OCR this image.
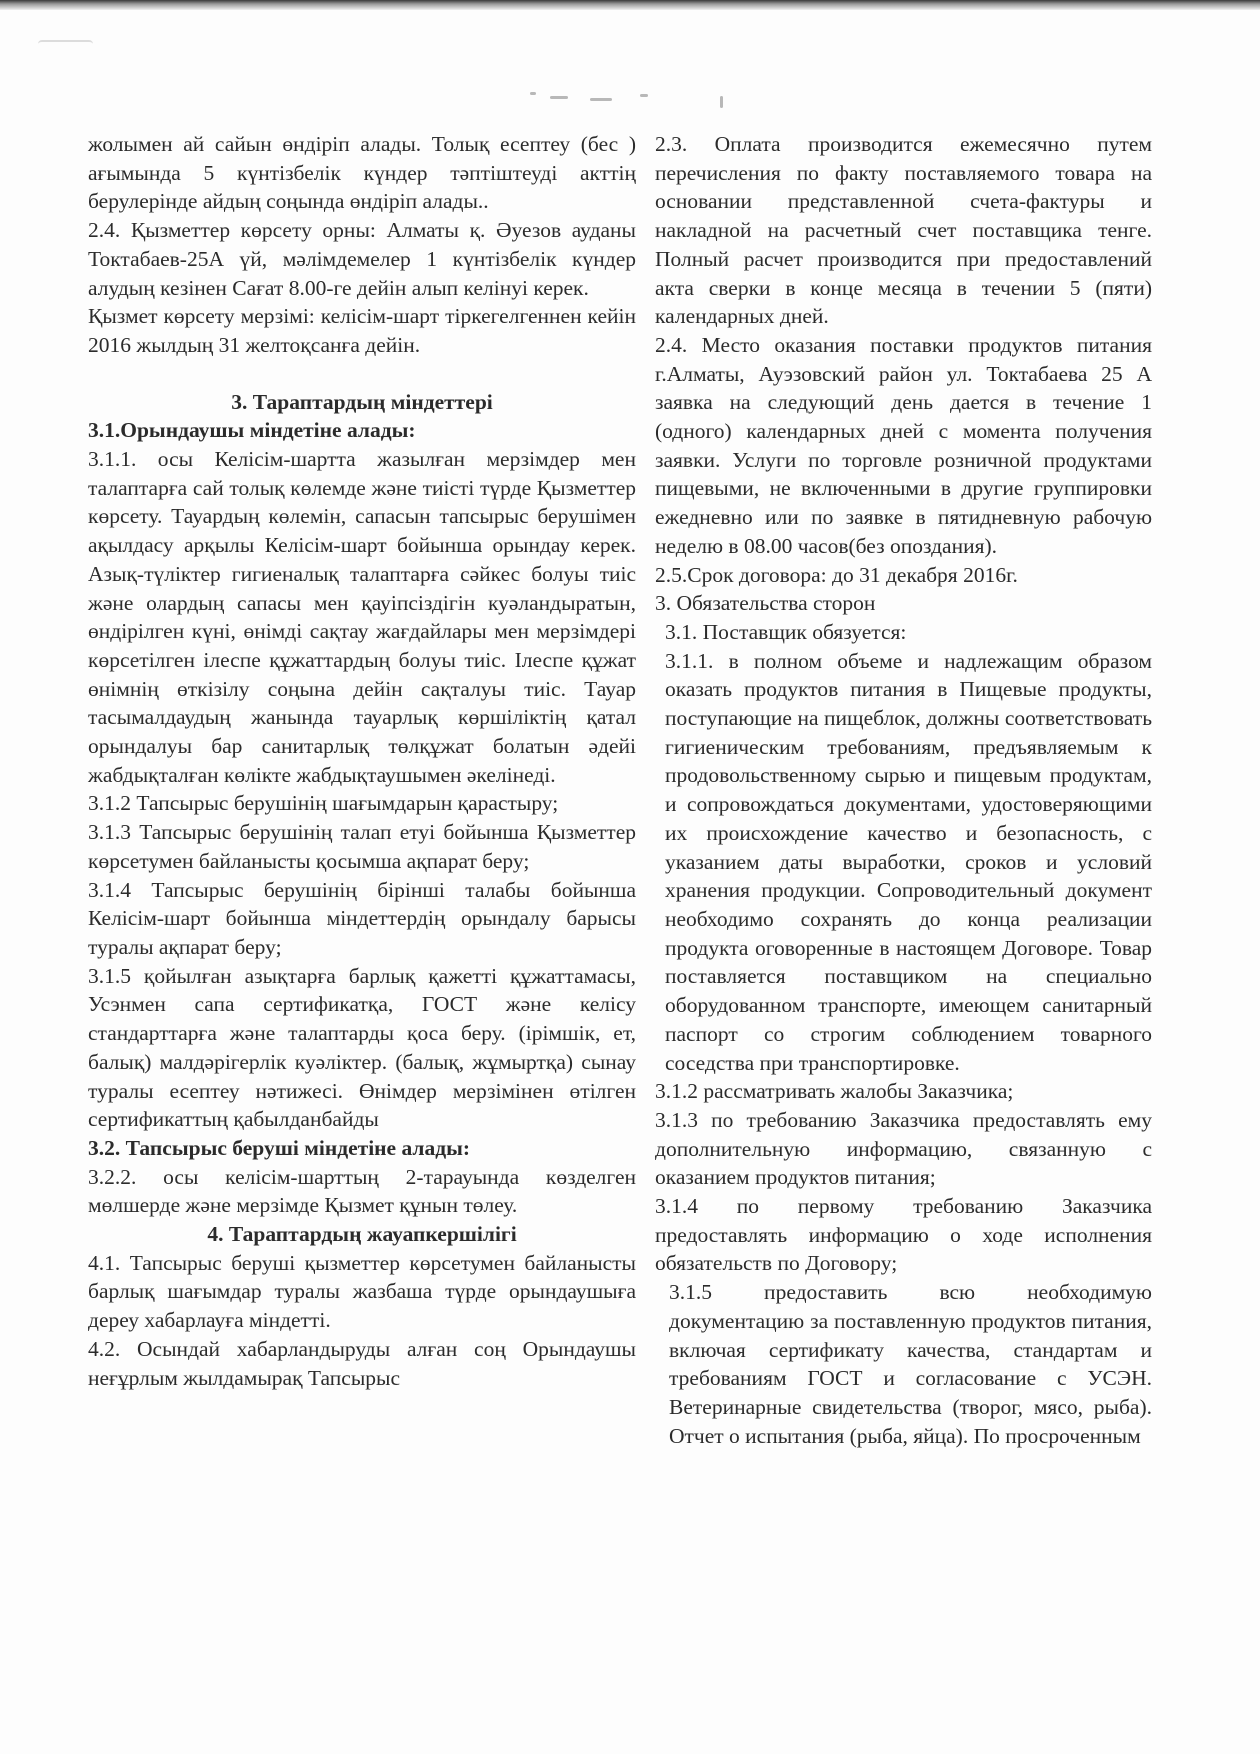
жолымен ай сайын өндіріп алады. Толық есептеу (бес ) ағымында 5 күнтізбелік күндер тәптіштеуді акттің берулерінде айдың соңында өндіріп алады..

2.4. Қызметтер көрсету орны: Алматы қ. Әуезов ауданы Токтабаев-25А үй, мәлімдемелер 1 күнтізбелік күндер алудың кезінен Сағат 8.00-ге дейін алып келінуі керек.

Қызмет көрсету мерзімі: келісім-шарт тіркегелгеннен кейін 2016 жылдың 31 желтоқсанға дейін.

3. Тараптардың міндеттері

3.1.Орындаушы міндетіне алады:

3.1.1. осы Келісім-шартта жазылған мерзімдер мен талаптарға сай толық көлемде және тиісті түрде Қызметтер көрсету. Тауардың көлемін, сапасын тапсырыс берушімен ақылдасу арқылы Келісім-шарт бойынша орындау керек. Азық-түліктер гигиеналық талаптарға сәйкес болуы тиіс және олардың сапасы мен қауіпсіздігін куәландыратын, өндірілген күні, өнімді сақтау жағдайлары мен мерзімдері көрсетілген ілеспе құжаттардың болуы тиіс. Ілеспе құжат өнімнің өткізілу соңына дейін сақталуы тиіс. Тауар тасымалдаудың жанында тауарлық көршіліктің қатал орындалуы бар санитарлық төлқұжат болатын әдейі жабдықталған көлікте жабдықтаушымен әкелінеді.

3.1.2 Тапсырыс берушінің шағымдарын қарастыру;

3.1.3 Тапсырыс берушінің талап етуі бойынша Қызметтер көрсетумен байланысты қосымша ақпарат беру;

3.1.4 Тапсырыс берушінің бірінші талабы бойынша Келісім-шарт бойынша міндеттердің орындалу барысы туралы ақпарат беру;

3.1.5 қойылған азықтарға барлық қажетті құжаттамасы, Усэнмен сапа сертификатқа, ГОСТ және келісу стандарттарға және талаптарды қоса беру. (ірімшік, ет, балық) малдәрігерлік куәліктер. (балық, жұмыртқа) сынау туралы есептеу нәтижесі. Өнімдер мерзімінен өтілген сертификаттың қабылданбайды

3.2. Тапсырыс беруші міндетіне алады:

3.2.2. осы келісім-шарттың 2-тарауында көзделген мөлшерде және мерзімде Қызмет құнын төлеу.

4. Тараптардың жауапкершілігі

4.1. Тапсырыс беруші қызметтер көрсетумен байланысты барлық шағымдар туралы жазбаша түрде орындаушыға дереу хабарлауға міндетті.

4.2. Осындай хабарландыруды алған соң Орындаушы неғұрлым жылдамырақ Тапсырыс

2.3. Оплата производится ежемесячно путем перечисления по факту поставляемого товара на основании представленной счета-фактуры и накладной на расчетный счет поставщика тенге. Полный расчет производится при предоставлений акта сверки в конце месяца в течении 5 (пяти) календарных дней.

2.4. Место оказания поставки продуктов питания г.Алматы, Ауэзовский район ул. Токтабаева 25 А заявка на следующий день дается в течение 1 (одного) календарных дней с момента получения заявки. Услуги по торговле розничной продуктами пищевыми, не включенными в другие группировки ежедневно или по заявке в пятидневную рабочую неделю в 08.00 часов(без опоздания).

2.5.Срок договора: до 31 декабря 2016г.

3. Обязательства сторон

3.1. Поставщик обязуется:

3.1.1. в полном объеме и надлежащим образом оказать продуктов питания в Пищевые продукты, поступающие на пищеблок, должны соответствовать гигиеническим требованиям, предъявляемым к продовольственному сырью и пищевым продуктам, и сопровождаться документами, удостоверяющими их происхождение качество и безопасность, с указанием даты выработки, сроков и условий хранения продукции. Сопроводительный документ необходимо сохранять до конца реализации продукта оговоренные в настоящем Договоре. Товар поставляется поставщиком на специально оборудованном транспорте, имеющем санитарный паспорт со строгим соблюдением товарного соседства при транспортировке.

3.1.2 рассматривать жалобы Заказчика;

3.1.3 по требованию Заказчика предоставлять ему дополнительную информацию, связанную с оказанием продуктов питания;

3.1.4 по первому требованию Заказчика предоставлять информацию о ходе исполнения обязательств по Договору;

3.1.5 предоставить всю необходимую документацию за поставленную продуктов питания, включая сертификату качества, стандартам и требованиям ГОСТ и согласование с УСЭН. Ветеринарные свидетельства (творог, мясо, рыба). Отчет о испытания (рыба, яйца). По просроченным
